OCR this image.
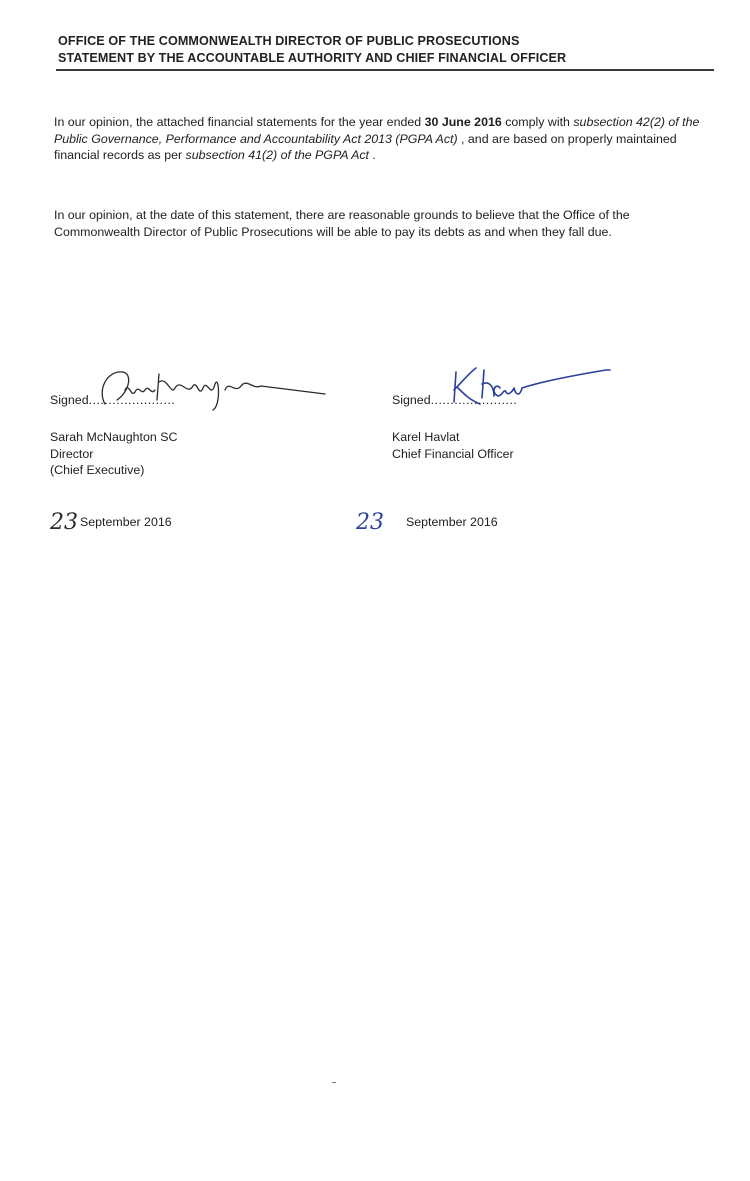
OFFICE OF THE COMMONWEALTH DIRECTOR OF PUBLIC PROSECUTIONS
STATEMENT BY THE ACCOUNTABLE AUTHORITY AND CHIEF FINANCIAL OFFICER
In our opinion, the attached financial statements for the year ended 30 June 2016 comply with subsection 42(2) of the Public Governance, Performance and Accountability Act 2013 (PGPA Act) , and are based on properly maintained financial records as per subsection 41(2) of the PGPA Act .
In our opinion, at the date of this statement, there are reasonable grounds to believe that the Office of the Commonwealth Director of Public Prosecutions will be able to pay its debts as and when they fall due.
Signed......................
Sarah McNaughton SC
Director
(Chief Executive)
23 September 2016
Signed......................
Karel Havlat
Chief Financial Officer
23 September 2016
